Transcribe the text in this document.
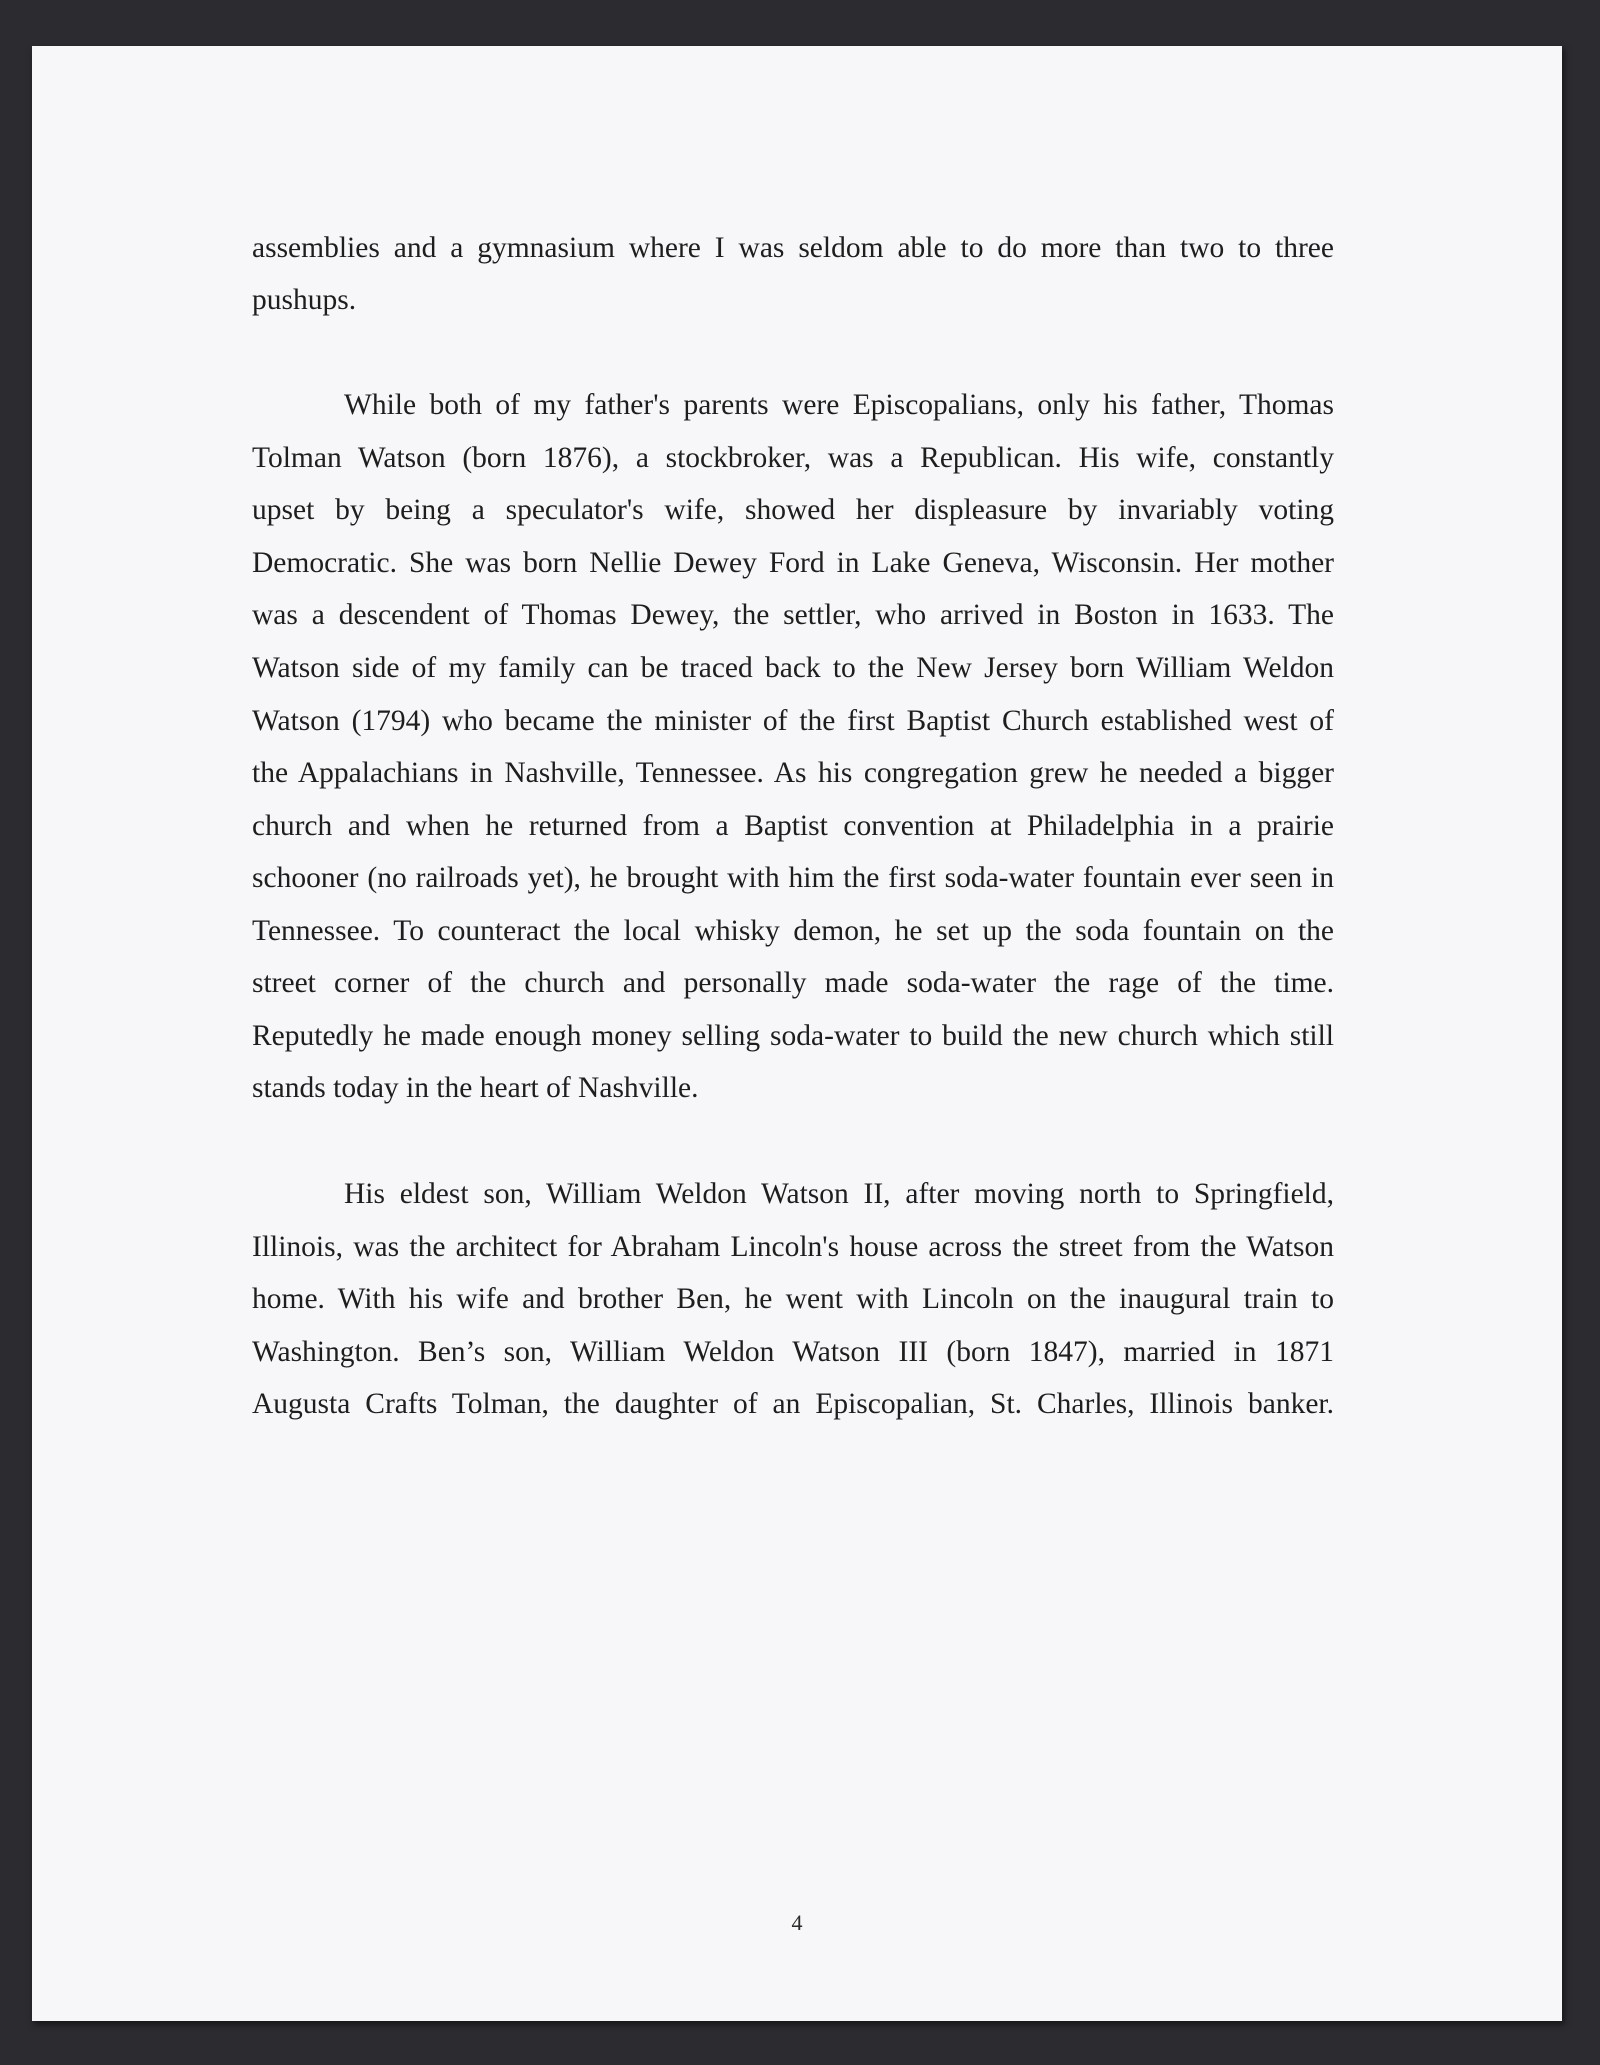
assemblies and a gymnasium where I was seldom able to do more than two to three
pushups.
While both of my father's parents were Episcopalians, only his father, Thomas
Tolman Watson (born 1876), a stockbroker, was a Republican. His wife, constantly
upset by being a speculator's wife, showed her displeasure by invariably voting
Democratic. She was born Nellie Dewey Ford in Lake Geneva, Wisconsin. Her mother
was a descendent of Thomas Dewey, the settler, who arrived in Boston in 1633. The
Watson side of my family can be traced back to the New Jersey born William Weldon
Watson (1794) who became the minister of the first Baptist Church established west of
the Appalachians in Nashville, Tennessee. As his congregation grew he needed a bigger
church and when he returned from a Baptist convention at Philadelphia in a prairie
schooner (no railroads yet), he brought with him the first soda-water fountain ever seen in
Tennessee. To counteract the local whisky demon, he set up the soda fountain on the
street corner of the church and personally made soda-water the rage of the time.
Reputedly he made enough money selling soda-water to build the new church which still
stands today in the heart of Nashville.
His eldest son, William Weldon Watson II, after moving north to Springfield,
Illinois, was the architect for Abraham Lincoln's house across the street from the Watson
home. With his wife and brother Ben, he went with Lincoln on the inaugural train to
Washington. Ben’s son, William Weldon Watson III (born 1847), married in 1871
Augusta Crafts Tolman, the daughter of an Episcopalian, St. Charles, Illinois banker.
4
